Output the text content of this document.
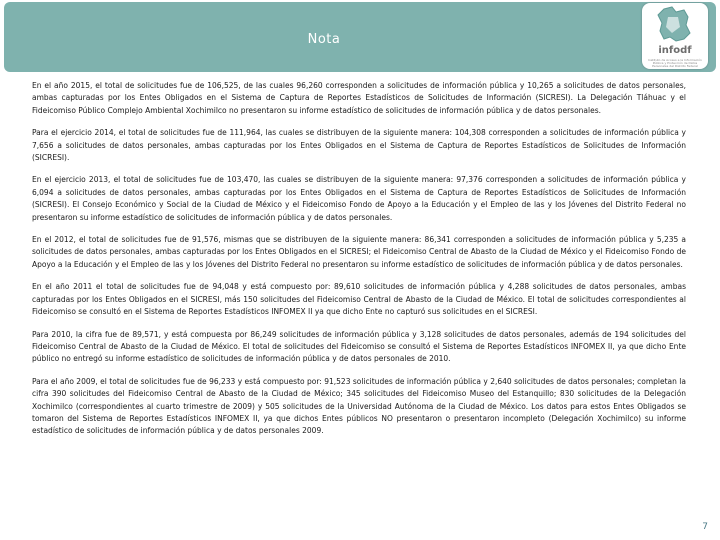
Nota
infodf
Instituto de Acceso a la Información Pública y Protección de Datos Personales del Distrito Federal

En el año 2015, el total de solicitudes fue de 106,525, de las cuales 96,260 corresponden a solicitudes de información pública y 10,265 a solicitudes de datos personales, ambas capturadas por los Entes Obligados en el Sistema de Captura de Reportes Estadísticos de Solicitudes de Información (SICRESI). La Delegación Tláhuac y el Fideicomiso Público Complejo Ambiental Xochimilco no presentaron su informe estadístico de solicitudes de información pública y de datos personales.

Para el ejercicio 2014, el total de solicitudes fue de 111,964, las cuales se distribuyen de la siguiente manera: 104,308 corresponden a solicitudes de información pública y 7,656 a solicitudes de datos personales, ambas capturadas por los Entes Obligados en el Sistema de Captura de Reportes Estadísticos de Solicitudes de Información (SICRESI).

En el ejercicio 2013, el total de solicitudes fue de 103,470, las cuales se distribuyen de la siguiente manera: 97,376 corresponden a solicitudes de información pública y 6,094 a solicitudes de datos personales, ambas capturadas por los Entes Obligados en el Sistema de Captura de Reportes Estadísticos de Solicitudes de Información (SICRESI). El Consejo Económico y Social de la Ciudad de México y el Fideicomiso Fondo de Apoyo a la Educación y el Empleo de las y los Jóvenes del Distrito Federal no presentaron su informe estadístico de solicitudes de información pública y de datos personales.

En el 2012, el total de solicitudes fue de 91,576, mismas que se distribuyen de la siguiente manera: 86,341 corresponden a solicitudes de información pública y 5,235 a solicitudes de datos personales, ambas capturadas por los Entes Obligados en el SICRESI; el Fideicomiso Central de Abasto de la Ciudad de México y el Fideicomiso Fondo de Apoyo a la Educación y el Empleo de las y los Jóvenes del Distrito Federal no presentaron su informe estadístico de solicitudes de información pública y de datos personales.

En el año 2011 el total de solicitudes fue de 94,048 y está compuesto por: 89,610 solicitudes de información pública y 4,288 solicitudes de datos personales, ambas capturadas por los Entes Obligados en el SICRESI, más 150 solicitudes del Fideicomiso Central de Abasto de la Ciudad de México. El total de solicitudes correspondientes al Fideicomiso se consultó en el Sistema de Reportes Estadísticos INFOMEX II ya que dicho Ente no capturó sus solicitudes en el SICRESI.

Para 2010, la cifra fue de 89,571, y está compuesta por 86,249 solicitudes de información pública y 3,128 solicitudes de datos personales, además de 194 solicitudes del Fideicomiso Central de Abasto de la Ciudad de México. El total de solicitudes del Fideicomiso se consultó el Sistema de Reportes Estadísticos INFOMEX II, ya que dicho Ente público no entregó su informe estadístico de solicitudes de información pública y de datos personales de 2010.

Para el año 2009, el total de solicitudes fue de 96,233 y está compuesto por: 91,523 solicitudes de información pública y 2,640 solicitudes de datos personales; completan la cifra 390 solicitudes del Fideicomiso Central de Abasto de la Ciudad de México; 345 solicitudes del Fideicomiso Museo del Estanquillo; 830 solicitudes de la Delegación Xochimilco (correspondientes al cuarto trimestre de 2009) y 505 solicitudes de la Universidad Autónoma de la Ciudad de México. Los datos para estos Entes Obligados se tomaron del Sistema de Reportes Estadísticos INFOMEX II, ya que dichos Entes públicos NO presentaron o presentaron incompleto (Delegación Xochimilco) su informe estadístico de solicitudes de información pública y de datos personales 2009.

7
